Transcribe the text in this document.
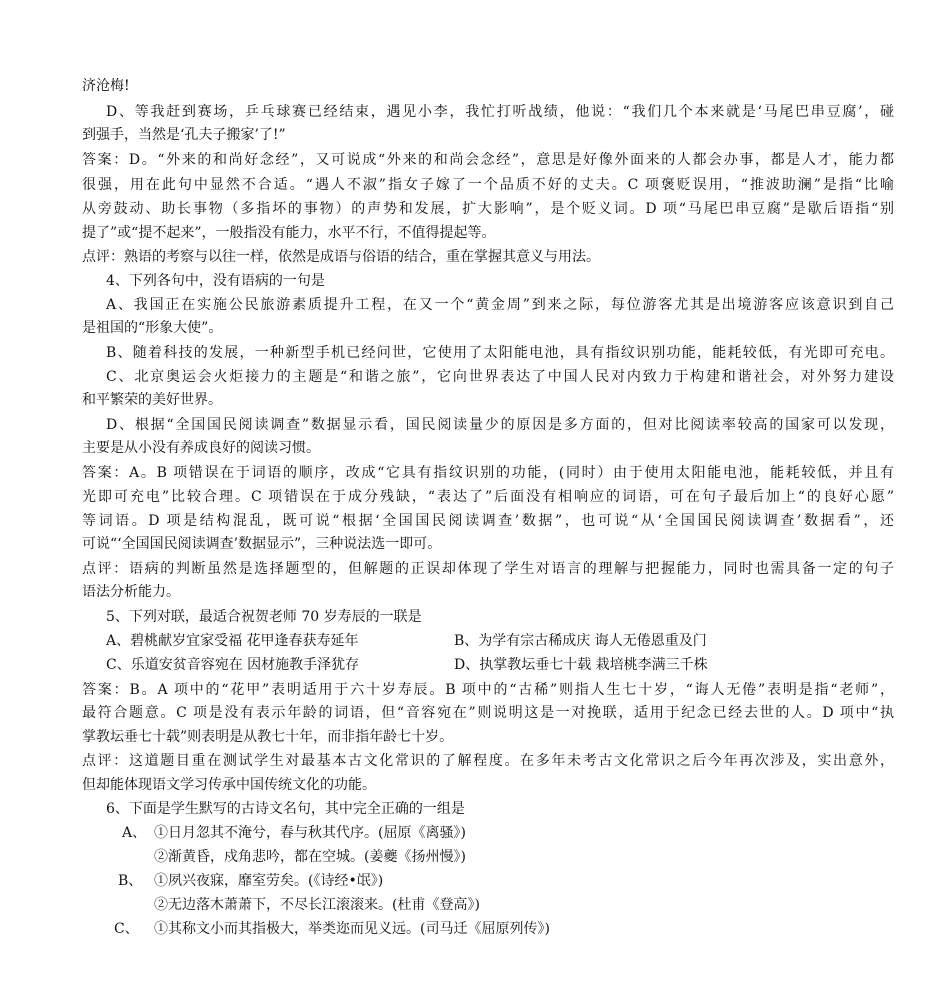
济沧梅!
D、等我赶到赛场，乒乓球赛已经结束，遇见小李，我忙打听战绩，他说：“我们几个本来就是‘马尾巴串豆腐’，碰
到强手，当然是‘孔夫子搬家’了!”
答案：D。“外来的和尚好念经”，又可说成“外来的和尚会念经”，意思是好像外面来的人都会办事，都是人才，能力都
很强，用在此句中显然不合适。“遇人不淑”指女子嫁了一个品质不好的丈夫。C 项褒贬误用，“推波助澜”是指“比喻
从旁鼓动、助长事物（多指坏的事物）的声势和发展，扩大影响”，是个贬义词。D 项“马尾巴串豆腐”是歇后语指“别
提了”或“提不起来”，一般指没有能力，水平不行，不值得提起等。
点评：熟语的考察与以往一样，依然是成语与俗语的结合，重在掌握其意义与用法。
4、下列各句中，没有语病的一句是
A、我国正在实施公民旅游素质提升工程，在又一个“黄金周”到来之际，每位游客尤其是出境游客应该意识到自己
是祖国的“形象大使”。
B、随着科技的发展，一种新型手机已经问世，它使用了太阳能电池，具有指纹识别功能，能耗较低，有光即可充电。
C、北京奥运会火炬接力的主题是“和谐之旅”，它向世界表达了中国人民对内致力于构建和谐社会，对外努力建设
和平繁荣的美好世界。
D、根据“全国国民阅读调查”数据显示看，国民阅读量少的原因是多方面的，但对比阅读率较高的国家可以发现，
主要是从小没有养成良好的阅读习惯。
答案：A。B 项错误在于词语的顺序，改成“它具有指纹识别的功能，(同时）由于使用太阳能电池，能耗较低，并且有
光即可充电”比较合理。C 项错误在于成分残缺，“表达了”后面没有相响应的词语，可在句子最后加上“的良好心愿”
等词语。D 项是结构混乱，既可说“根据‘全国国民阅读调查’数据”，也可说“从‘全国国民阅读调查’数据看”，还
可说“‘全国国民阅读调查’数据显示”，三种说法选一即可。
点评：语病的判断虽然是选择题型的，但解题的正误却体现了学生对语言的理解与把握能力，同时也需具备一定的句子
语法分析能力。
5、下列对联，最适合祝贺老师 70 岁寿辰的一联是
A、碧桃献岁宜家受福 花甲逢春获寿延年	B、为学有宗古稀成庆 诲人无倦恩重及门
C、乐道安贫音容宛在 因材施教手泽犹存	D、执掌教坛垂七十载 栽培桃李满三千株
答案：B。A 项中的“花甲”表明适用于六十岁寿辰。B 项中的“古稀”则指人生七十岁，“诲人无倦”表明是指“老师”，
最符合题意。C 项是没有表示年龄的词语，但“音容宛在”则说明这是一对挽联，适用于纪念已经去世的人。D 项中“执
掌教坛垂七十载”则表明是从教七十年，而非指年龄七十岁。
点评：这道题目重在测试学生对最基本古文化常识的了解程度。在多年未考古文化常识之后今年再次涉及，实出意外，
但却能体现语文学习传承中国传统文化的功能。
6、下面是学生默写的古诗文名句，其中完全正确的一组是
A、 ①日月忽其不淹兮，春与秋其代序。(屈原《离骚》)
②渐黄昏，戍角悲吟，都在空城。(姜夔《扬州慢》)
B、 ①夙兴夜寐，靡室劳矣。(《诗经•氓》)
②无边落木萧萧下，不尽长江滚滚来。(杜甫《登高》)
C、	①其称文小而其指极大，举类迩而见义远。(司马迁《屈原列传》)
